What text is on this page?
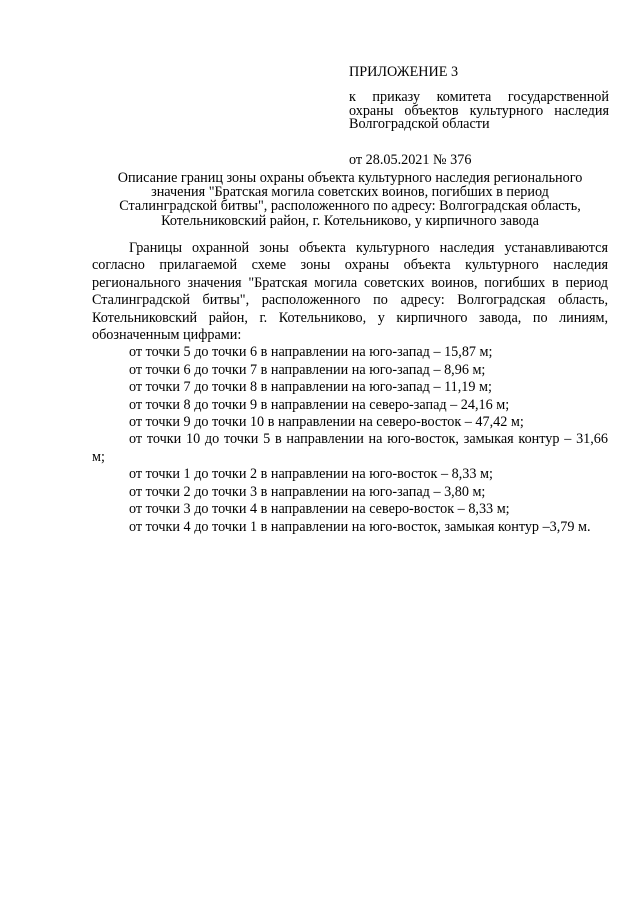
ПРИЛОЖЕНИЕ 3

к приказу комитета государственной охраны объектов культурного наследия Волгоградской области

от 28.05.2021 № 376

Описание границ зоны охраны объекта культурного наследия регионального
значения "Братская могила советских воинов, погибших в период
Сталинградской битвы", расположенного по адресу: Волгоградская область,
Котельниковский район, г. Котельниково, у кирпичного завода

Границы охранной зоны объекта культурного наследия устанавливаются согласно прилагаемой схеме зоны охраны объекта культурного наследия регионального значения "Братская могила советских воинов, погибших в период Сталинградской битвы", расположенного по адресу: Волгоградская область, Котельниковский район, г. Котельниково, у кирпичного завода, по линиям, обозначенным цифрами:

от точки 5 до точки 6 в направлении на юго-запад – 15,87 м;
от точки 6 до точки 7 в направлении на юго-запад – 8,96 м;
от точки 7 до точки 8 в направлении на юго-запад – 11,19 м;
от точки 8 до точки 9 в направлении на северо-запад – 24,16 м;
от точки 9 до точки 10 в направлении на северо-восток – 47,42 м;
от точки 10 до точки 5 в направлении на юго-восток, замыкая контур – 31,66 м;
от точки 1 до точки 2 в направлении на юго-восток – 8,33 м;
от точки 2 до точки 3 в направлении на юго-запад – 3,80 м;
от точки 3 до точки 4 в направлении на северо-восток – 8,33 м;
от точки 4 до точки 1 в направлении на юго-восток, замыкая контур –3,79 м.
